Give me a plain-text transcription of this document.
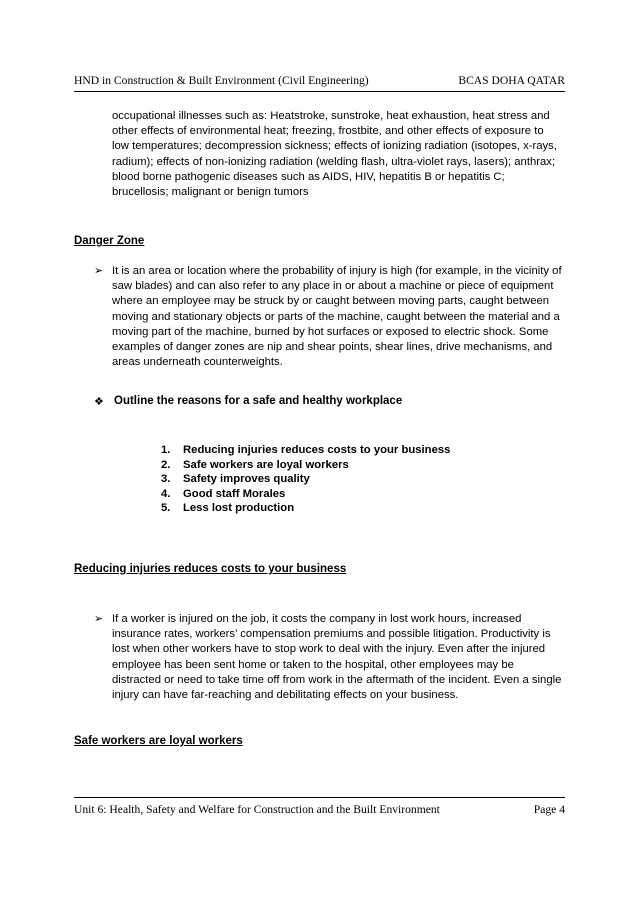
HND in Construction & Built Environment (Civil Engineering)	BCAS DOHA QATAR
occupational illnesses such as: Heatstroke, sunstroke, heat exhaustion, heat stress and other effects of environmental heat; freezing, frostbite, and other effects of exposure to low temperatures; decompression sickness; effects of ionizing radiation (isotopes, x-rays, radium); effects of non-ionizing radiation (welding flash, ultra-violet rays, lasers); anthrax; blood borne pathogenic diseases such as AIDS, HIV, hepatitis B or hepatitis C; brucellosis; malignant or benign tumors
Danger Zone
➢ It is an area or location where the probability of injury is high (for example, in the vicinity of saw blades) and can also refer to any place in or about a machine or piece of equipment where an employee may be struck by or caught between moving parts, caught between moving and stationary objects or parts of the machine, caught between the material and a moving part of the machine, burned by hot surfaces or exposed to electric shock. Some examples of danger zones are nip and shear points, shear lines, drive mechanisms, and areas underneath counterweights.
❖ Outline the reasons for a safe and healthy workplace
1. Reducing injuries reduces costs to your business
2. Safe workers are loyal workers
3. Safety improves quality
4. Good staff Morales
5. Less lost production
Reducing injuries reduces costs to your business
➢ If a worker is injured on the job, it costs the company in lost work hours, increased insurance rates, workers’ compensation premiums and possible litigation. Productivity is lost when other workers have to stop work to deal with the injury. Even after the injured employee has been sent home or taken to the hospital, other employees may be distracted or need to take time off from work in the aftermath of the incident. Even a single injury can have far-reaching and debilitating effects on your business.
Safe workers are loyal workers
Unit 6: Health, Safety and Welfare for Construction and the Built Environment	Page 4
